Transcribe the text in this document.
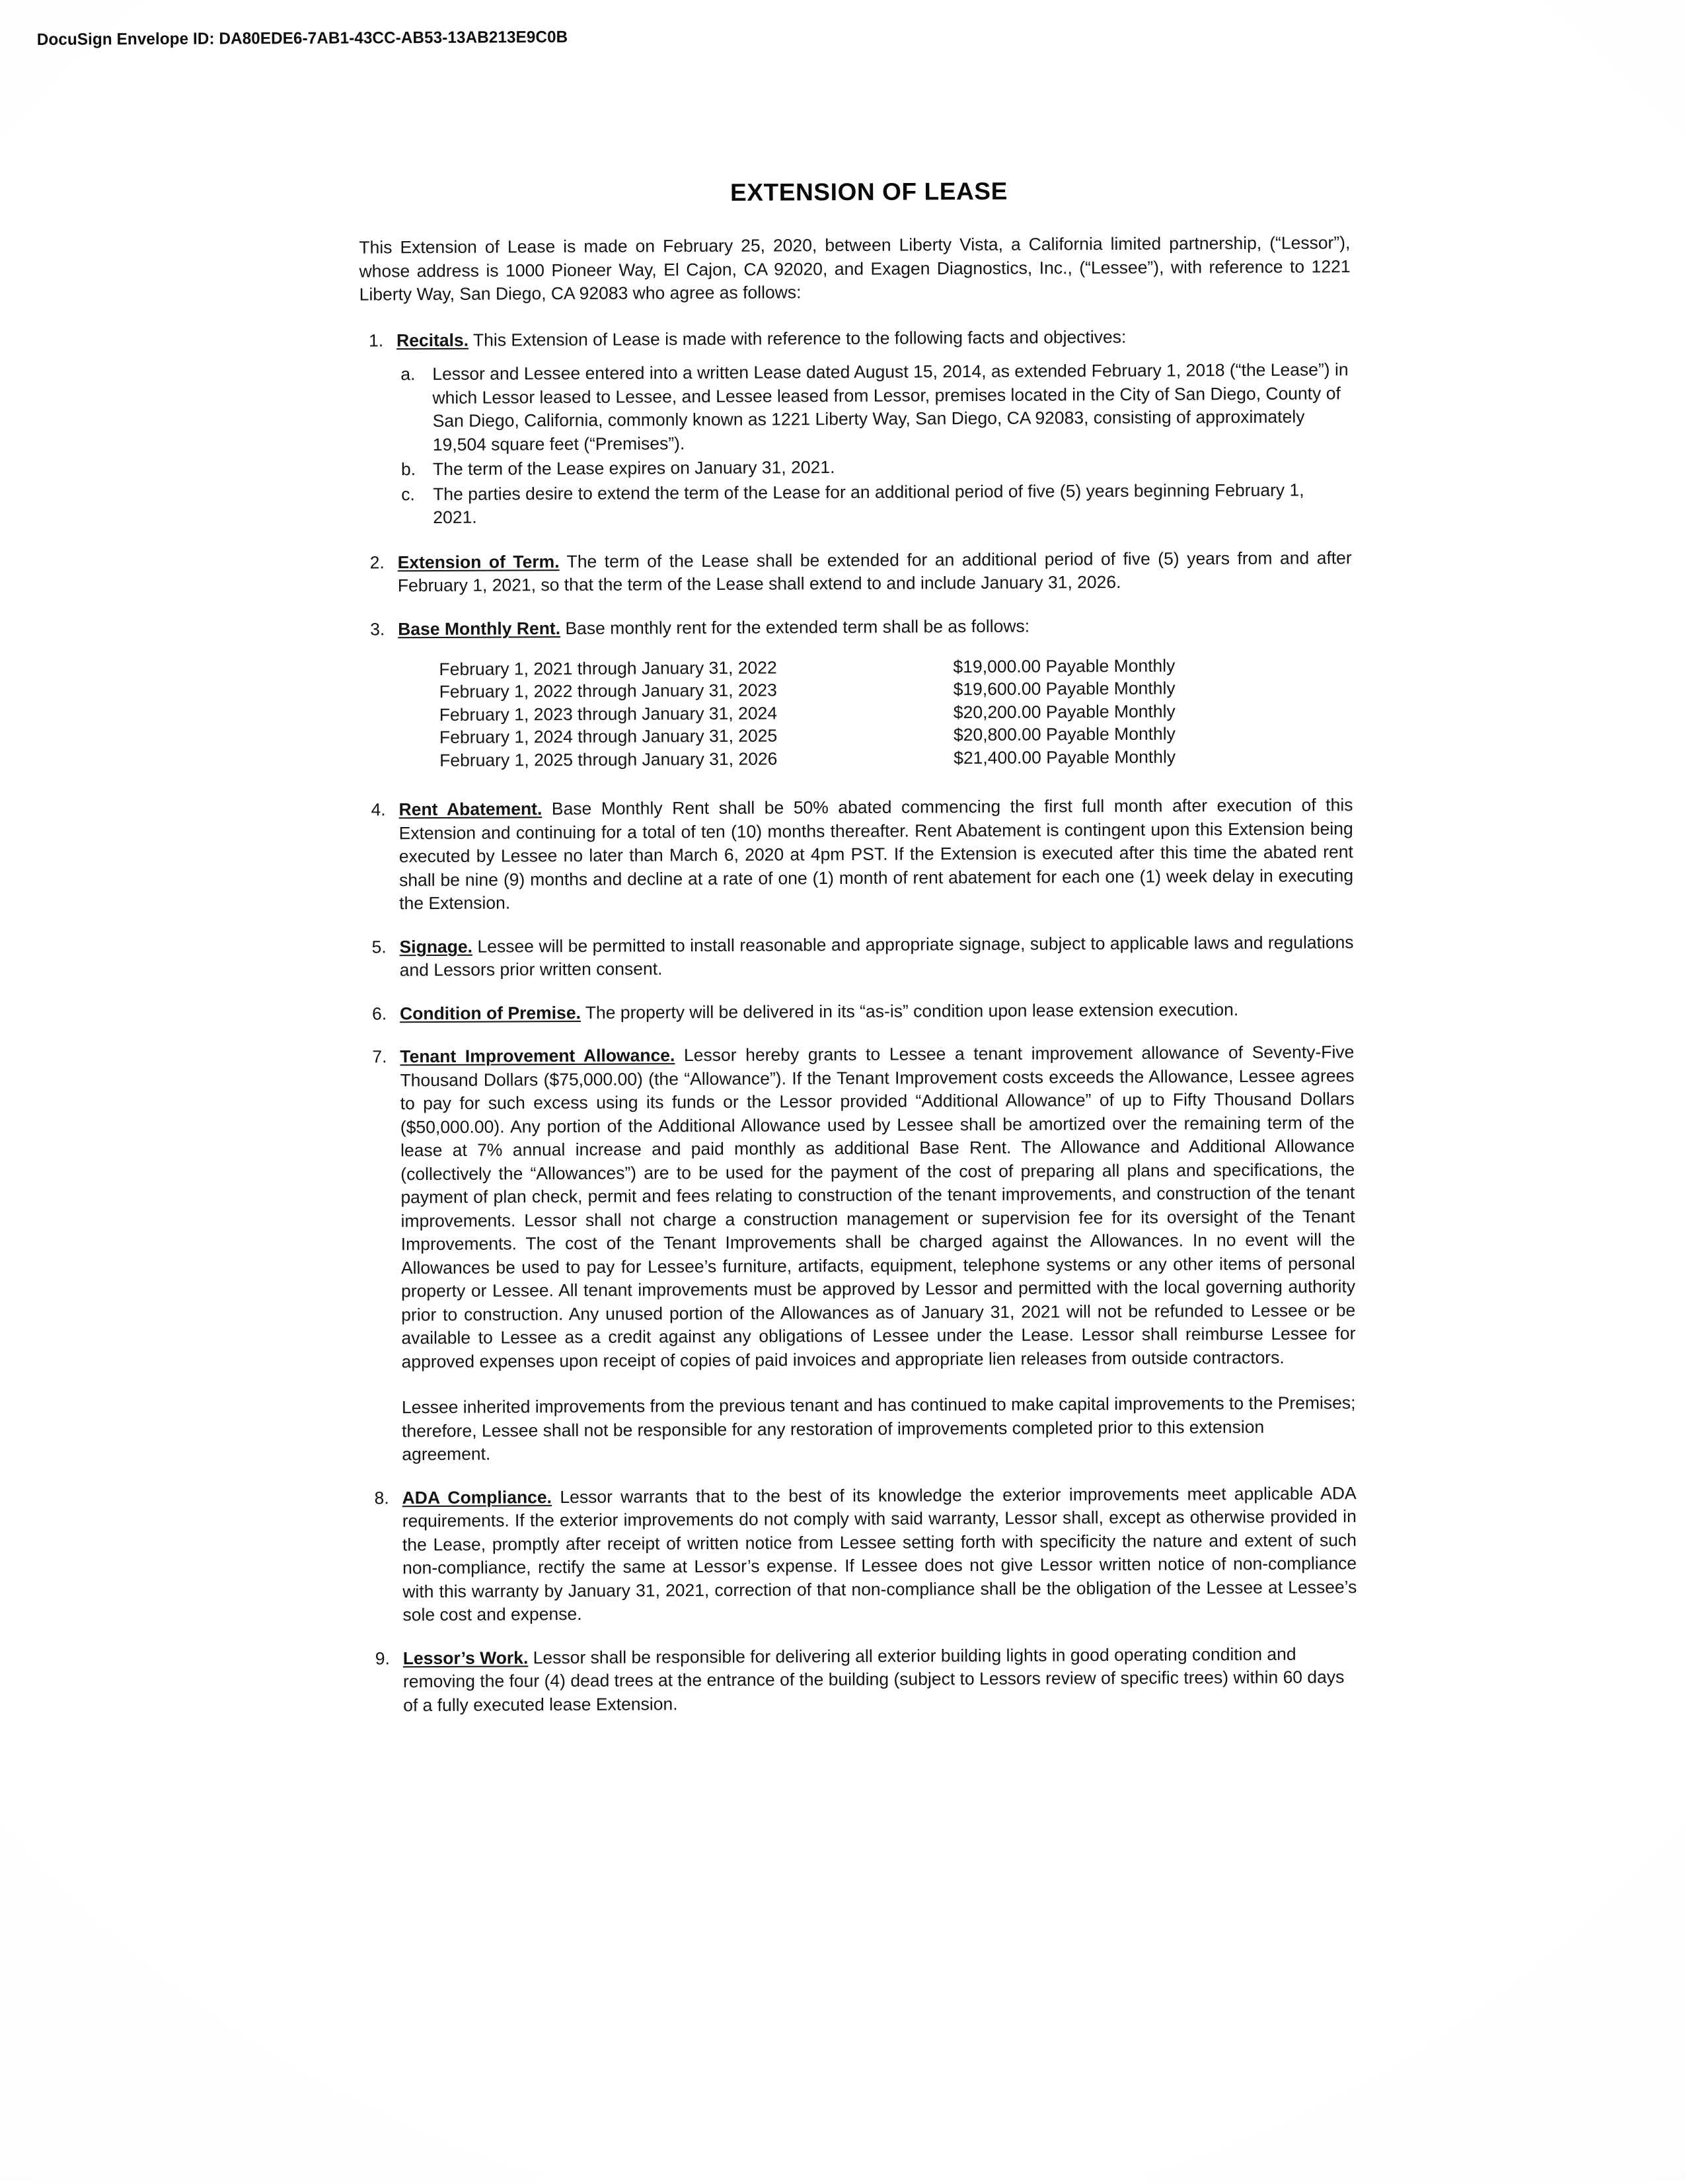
DocuSign Envelope ID: DA80EDE6-7AB1-43CC-AB53-13AB213E9C0B
EXTENSION OF LEASE

This Extension of Lease is made on February 25, 2020, between Liberty Vista, a California limited partnership, (“Lessor”), whose address is 1000 Pioneer Way, El Cajon, CA 92020, and Exagen Diagnostics, Inc., (“Lessee”), with reference to 1221 Liberty Way, San Diego, CA 92083 who agree as follows:

1. Recitals. This Extension of Lease is made with reference to the following facts and objectives:
a. Lessor and Lessee entered into a written Lease dated August 15, 2014, as extended February 1, 2018 (“the Lease”) in which Lessor leased to Lessee, and Lessee leased from Lessor, premises located in the City of San Diego, County of San Diego, California, commonly known as 1221 Liberty Way, San Diego, CA 92083, consisting of approximately 19,504 square feet (“Premises”).
b. The term of the Lease expires on January 31, 2021.
c.	The parties desire to extend the term of the Lease for an additional period of five (5) years beginning February 1, 2021.
2. Extension of Term. The term of the Lease shall be extended for an additional period of five (5) years from and after February 1, 2021, so that the term of the Lease shall extend to and include January 31, 2026.
3. Base Monthly Rent. Base monthly rent for the extended term shall be as follows:
February 1, 2021 through January 31, 2022	$19,000.00 Payable Monthly
February 1, 2022 through January 31, 2023	$19,600.00 Payable Monthly
February 1, 2023 through January 31, 2024	$20,200.00 Payable Monthly
February 1, 2024 through January 31, 2025	$20,800.00 Payable Monthly
February 1, 2025 through January 31, 2026	$21,400.00 Payable Monthly
4. Rent Abatement. Base Monthly Rent shall be 50% abated commencing the first full month after execution of this Extension and continuing for a total of ten (10) months thereafter. Rent Abatement is contingent upon this Extension being executed by Lessee no later than March 6, 2020 at 4pm PST. If the Extension is executed after this time the abated rent shall be nine (9) months and decline at a rate of one (1) month of rent abatement for each one (1) week delay in executing the Extension.
5. Signage. Lessee will be permitted to install reasonable and appropriate signage, subject to applicable laws and regulations and Lessors prior written consent.
6. Condition of Premise. The property will be delivered in its “as-is” condition upon lease extension execution.
7. Tenant Improvement Allowance. Lessor hereby grants to Lessee a tenant improvement allowance of Seventy-Five Thousand Dollars ($75,000.00) (the “Allowance”). If the Tenant Improvement costs exceeds the Allowance, Lessee agrees to pay for such excess using its funds or the Lessor provided “Additional Allowance” of up to Fifty Thousand Dollars ($50,000.00). Any portion of the Additional Allowance used by Lessee shall be amortized over the remaining term of the lease at 7% annual increase and paid monthly as additional Base Rent. The Allowance and Additional Allowance (collectively the “Allowances”) are to be used for the payment of the cost of preparing all plans and specifications, the payment of plan check, permit and fees relating to construction of the tenant improvements, and construction of the tenant improvements. Lessor shall not charge a construction management or supervision fee for its oversight of the Tenant Improvements. The cost of the Tenant Improvements shall be charged against the Allowances. In no event will the Allowances be used to pay for Lessee’s furniture, artifacts, equipment, telephone systems or any other items of personal property or Lessee. All tenant improvements must be approved by Lessor and permitted with the local governing authority prior to construction. Any unused portion of the Allowances as of January 31, 2021 will not be refunded to Lessee or be available to Lessee as a credit against any obligations of Lessee under the Lease. Lessor shall reimburse Lessee for approved expenses upon receipt of copies of paid invoices and appropriate lien releases from outside contractors.

Lessee inherited improvements from the previous tenant and has continued to make capital improvements to the Premises; therefore, Lessee shall not be responsible for any restoration of improvements completed prior to this extension agreement.

8. ADA Compliance. Lessor warrants that to the best of its knowledge the exterior improvements meet applicable ADA requirements. If the exterior improvements do not comply with said warranty, Lessor shall, except as otherwise provided in the Lease, promptly after receipt of written notice from Lessee setting forth with specificity the nature and extent of such non-compliance, rectify the same at Lessor’s expense. If Lessee does not give Lessor written notice of non-compliance with this warranty by January 31, 2021, correction of that non-compliance shall be the obligation of the Lessee at Lessee’s sole cost and expense.
9. Lessor’s Work. Lessor shall be responsible for delivering all exterior building lights in good operating condition and removing the four (4) dead trees at the entrance of the building (subject to Lessors review of specific trees) within 60 days of a fully executed lease Extension.
